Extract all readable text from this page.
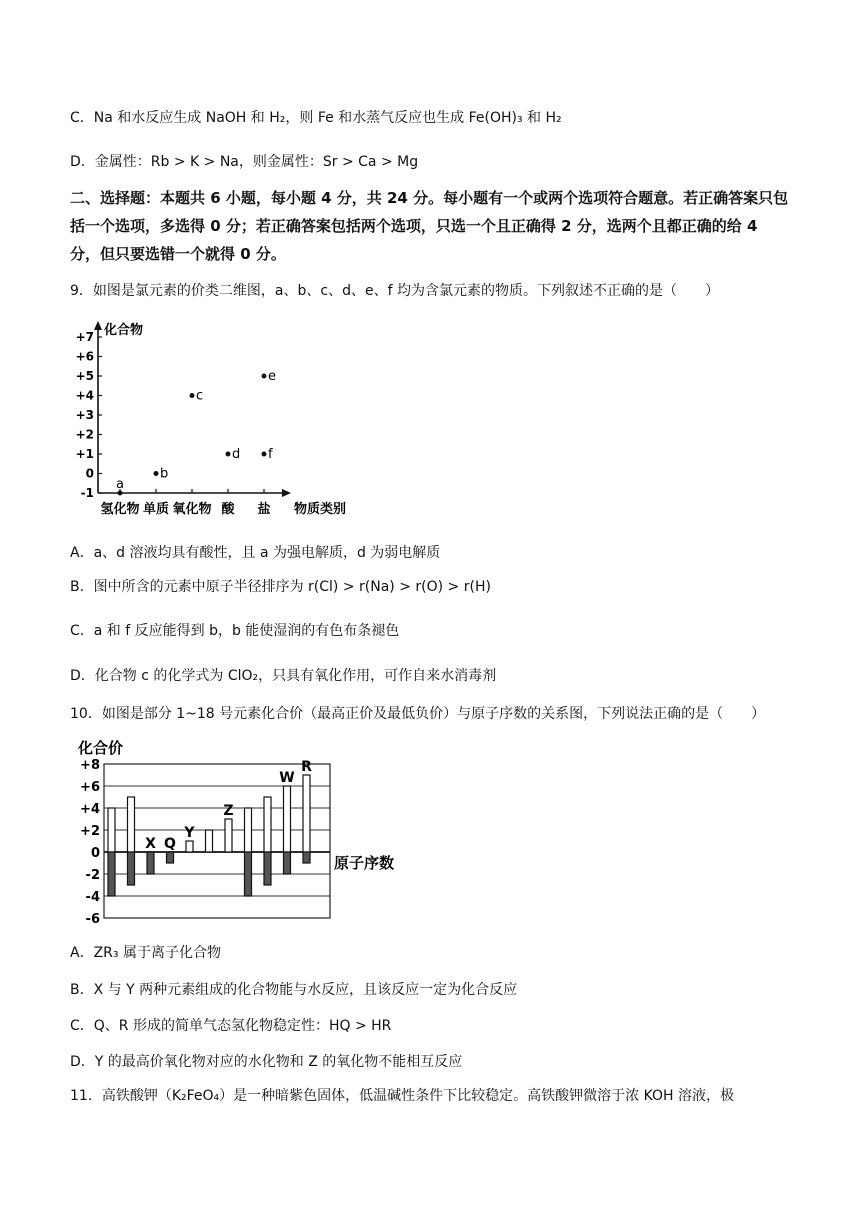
C．Na 和水反应生成 NaOH 和 H₂，则 Fe 和水蒸气反应也生成 Fe(OH)₃ 和 H₂
D．金属性：Rb > K > Na，则金属性：Sr > Ca > Mg
二、选择题：本题共 6 小题，每小题 4 分，共 24 分。每小题有一个或两个选项符合题意。若正确答案只包括一个选项，多选得 0 分；若正确答案包括两个选项，只选一个且正确得 2 分，选两个且都正确的给 4 分，但只要选错一个就得 0 分。
9．如图是氯元素的价类二维图，a、b、c、d、e、f 均为含氯元素的物质。下列叙述不正确的是（　　）
化合物
物质类别
+7
+6
+5
+4
+3
+2
+1
0
-1
氢化物 单质 氧化物 酸 盐
a
b
c
d
e
f
A．a、d 溶液均具有酸性，且 a 为强电解质，d 为弱电解质
B．图中所含的元素中原子半径排序为 r(Cl) > r(Na) > r(O) > r(H)
C．a 和 f 反应能得到 b，b 能使湿润的有色布条褪色
D．化合物 c 的化学式为 ClO₂，只具有氧化作用，可作自来水消毒剂
10．如图是部分 1~18 号元素化合价（最高正价及最低负价）与原子序数的关系图，下列说法正确的是（　　）
化合价
+8
+6
+4
+2
0
-2
-4
-6
原子序数
X Q
Y
Z
W
R
A．ZR₃ 属于离子化合物
B．X 与 Y 两种元素组成的化合物能与水反应，且该反应一定为化合反应
C．Q、R 形成的简单气态氢化物稳定性：HQ > HR
D．Y 的最高价氧化物对应的水化物和 Z 的氧化物不能相互反应
11．高铁酸钾（K₂FeO₄）是一种暗紫色固体，低温碱性条件下比较稳定。高铁酸钾微溶于浓 KOH 溶液，极
